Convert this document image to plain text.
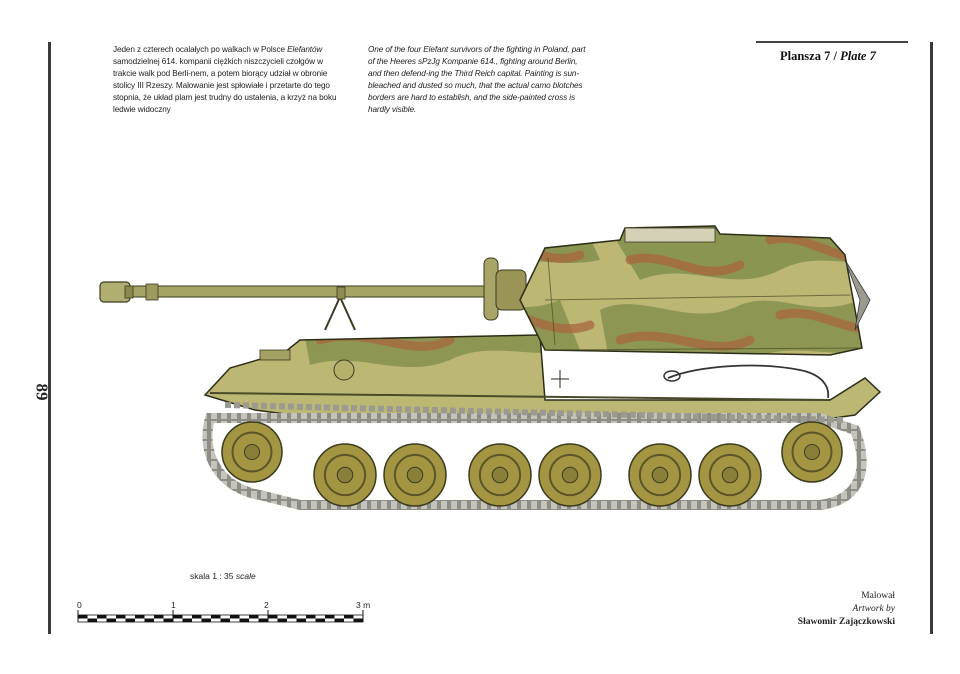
89
Jeden z czterech ocalałych po walkach w Polsce Elefantów samodzielnej 614. kompanii ciężkich niszczycieli czołgów w trakcie walk pod Berli-nem, a potem biorący udział w obronie stolicy III Rzeszy. Malowanie jest spłowiałe i przetarte do tego stopnia, że układ plam jest trudny do ustalenia, a krzyż na boku ledwie widoczny
One of the four Elefant survivors of the fighting in Poland, part of the Heeres sPzJg Kompanie 614., fighting around Berlin, and then defend-ing the Third Reich capital. Painting is sun-bleached and dusted so much, that the actual camo blotches borders are hard to establish, and the side-painted cross is hardly visible.
Plansza 7 / Plate 7
skala 1 : 35 scale
0	1	2	3 m
Malował
Artwork by
Sławomir Zajączkowski
